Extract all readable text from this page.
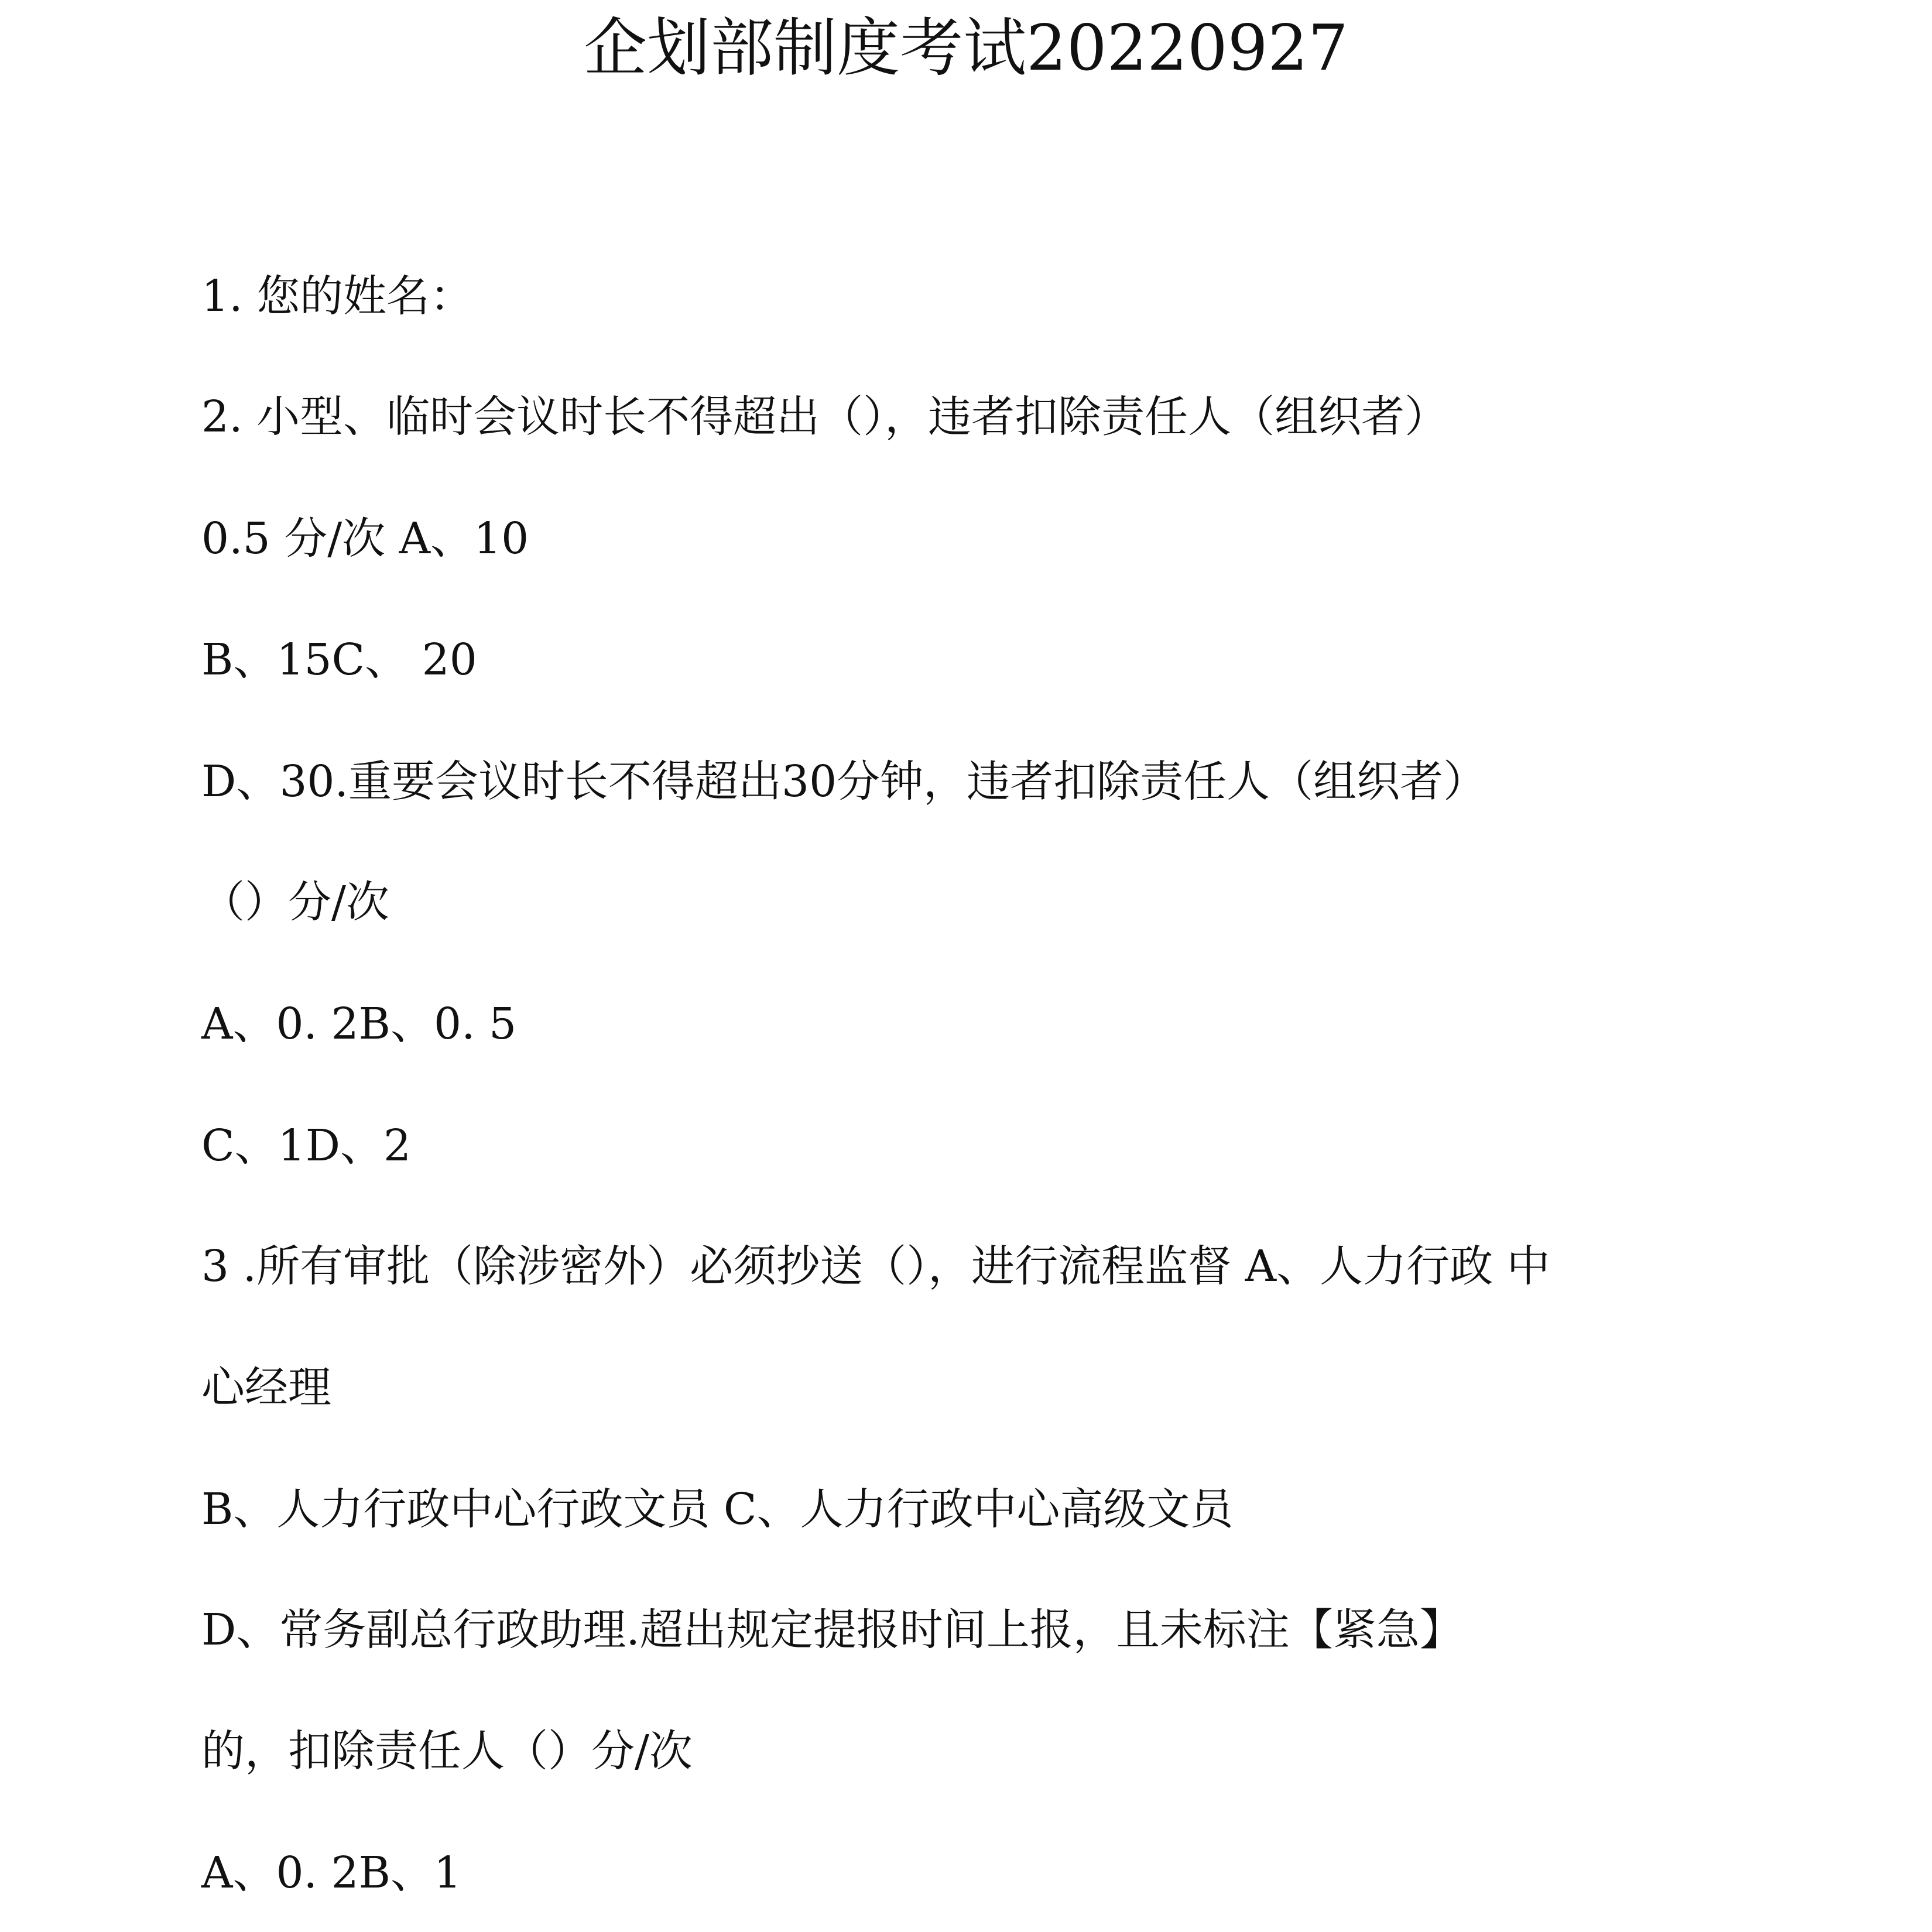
企划部制度考试20220927
1. 您的姓名：
2. 小型、临时会议时长不得超出（），违者扣除责任人（组织者）
0.5 分/次 A、10
B、15C、 20
D、30.重要会议时长不得超出30分钟，违者扣除责任人（组织者）
（）分/次
A、0. 2B、0. 5
C、1D、2
3 .所有审批（除涉密外）必须抄送（），进行流程监督 A、人力行政 中
心经理
B、人力行政中心行政文员 C、人力行政中心高级文员
D、常务副总行政助理.超出规定提报时间上报，且未标注【紧急】
的，扣除责任人（）分/次
A、0. 2B、1
